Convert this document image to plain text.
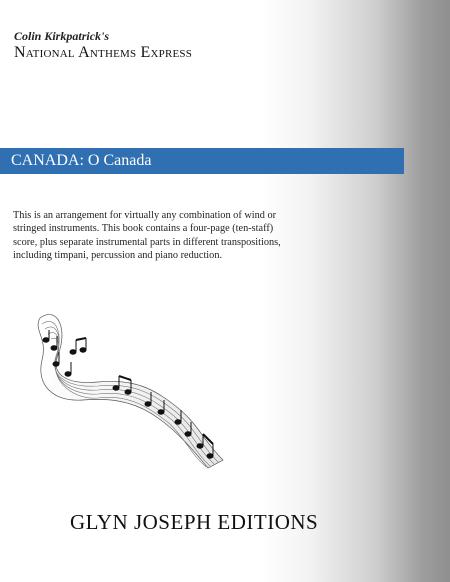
Colin Kirkpatrick's
National Anthems Express
CANADA: O Canada
This is an arrangement for virtually any combination of wind or stringed instruments. This book contains a four-page (ten-staff) score, plus separate instrumental parts in different transpositions, including timpani, percussion and piano reduction.
GLYN JOSEPH EDITIONS
